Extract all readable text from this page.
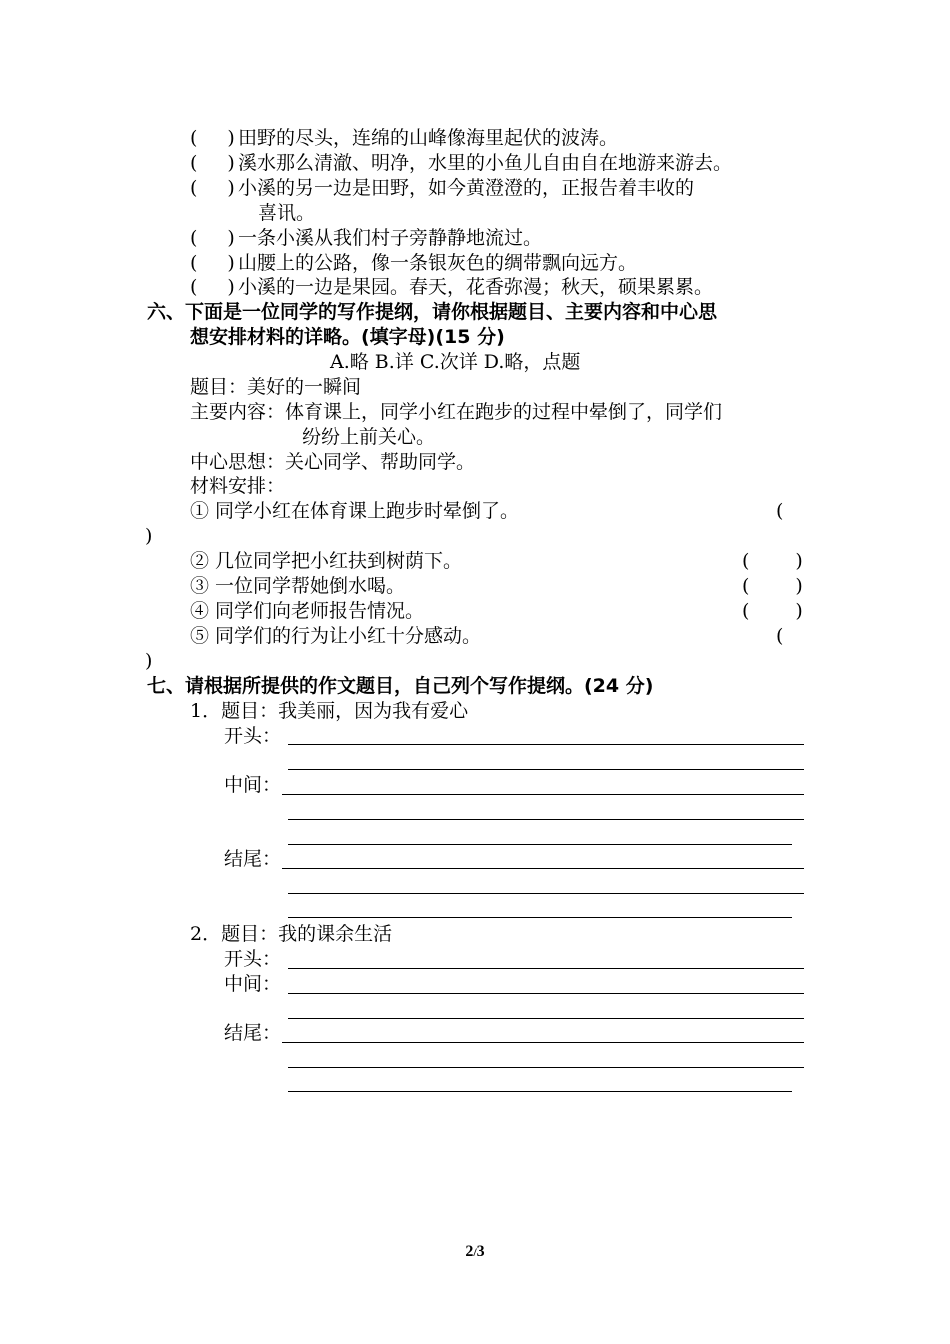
( ) 田野的尽头，连绵的山峰像海里起伏的波涛。
( ) 溪水那么清澈、明净，水里的小鱼儿自由自在地游来游去。
( ) 小溪的另一边是田野，如今黄澄澄的，正报告着丰收的
喜讯。
( ) 一条小溪从我们村子旁静静地流过。
( ) 山腰上的公路，像一条银灰色的绸带飘向远方。
( ) 小溪的一边是果园。春天，花香弥漫；秋天，硕果累累。
六、下面是一位同学的写作提纲，请你根据题目、主要内容和中心思
想安排材料的详略。(填字母)(15 分)
A.略 B.详 C.次详 D.略，点题
题目：美好的一瞬间
主要内容：体育课上，同学小红在跑步的过程中晕倒了，同学们
纷纷上前关心。
中心思想：关心同学、帮助同学。
材料安排：
① 同学小红在体育课上跑步时晕倒了。	(
)
② 几位同学把小红扶到树荫下。	( )
③ 一位同学帮她倒水喝。	( )
④ 同学们向老师报告情况。	( )
⑤ 同学们的行为让小红十分感动。	(
)
七、请根据所提供的作文题目，自己列个写作提纲。(24 分)
1．题目：我美丽，因为我有爱心
开头：
中间：
结尾：
2．题目：我的课余生活
开头：
中间：
结尾：
2/3
